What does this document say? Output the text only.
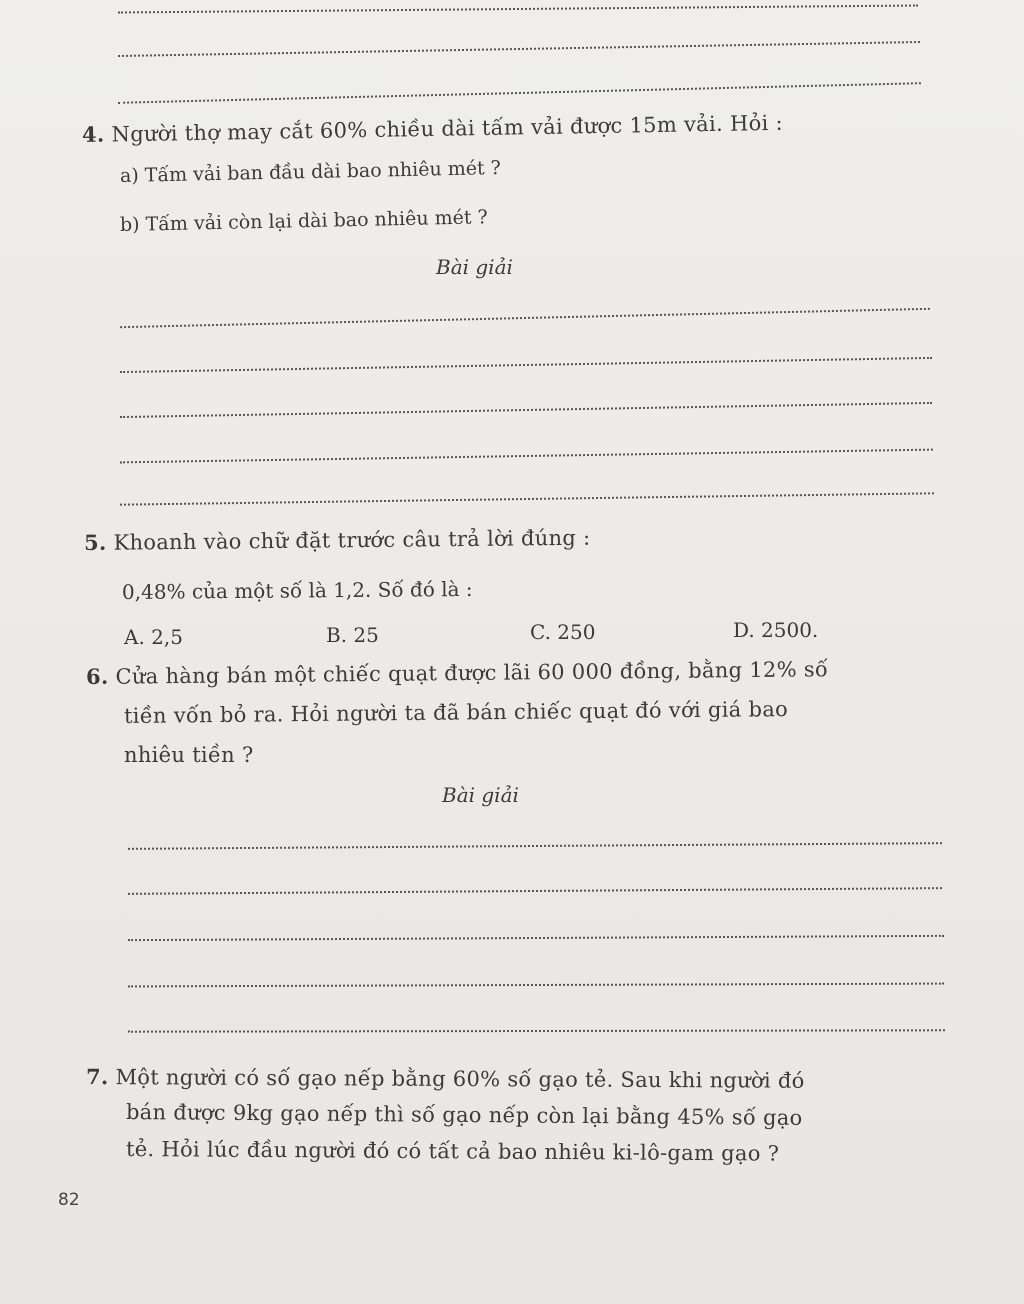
4. Người thợ may cắt 60% chiều dài tấm vải được 15m vải. Hỏi :
a) Tấm vải ban đầu dài bao nhiêu mét ?
b) Tấm vải còn lại dài bao nhiêu mét ?
Bài giải
5. Khoanh vào chữ đặt trước câu trả lời đúng :
0,48% của một số là 1,2. Số đó là :
A. 2,5	B. 25	C. 250	D. 2500.
6. Cửa hàng bán một chiếc quạt được lãi 60 000 đồng, bằng 12% số
tiền vốn bỏ ra. Hỏi người ta đã bán chiếc quạt đó với giá bao
nhiêu tiền ?
Bài giải
7. Một người có số gạo nếp bằng 60% số gạo tẻ. Sau khi người đó
bán được 9kg gạo nếp thì số gạo nếp còn lại bằng 45% số gạo
tẻ. Hỏi lúc đầu người đó có tất cả bao nhiêu ki-lô-gam gạo ?
82
